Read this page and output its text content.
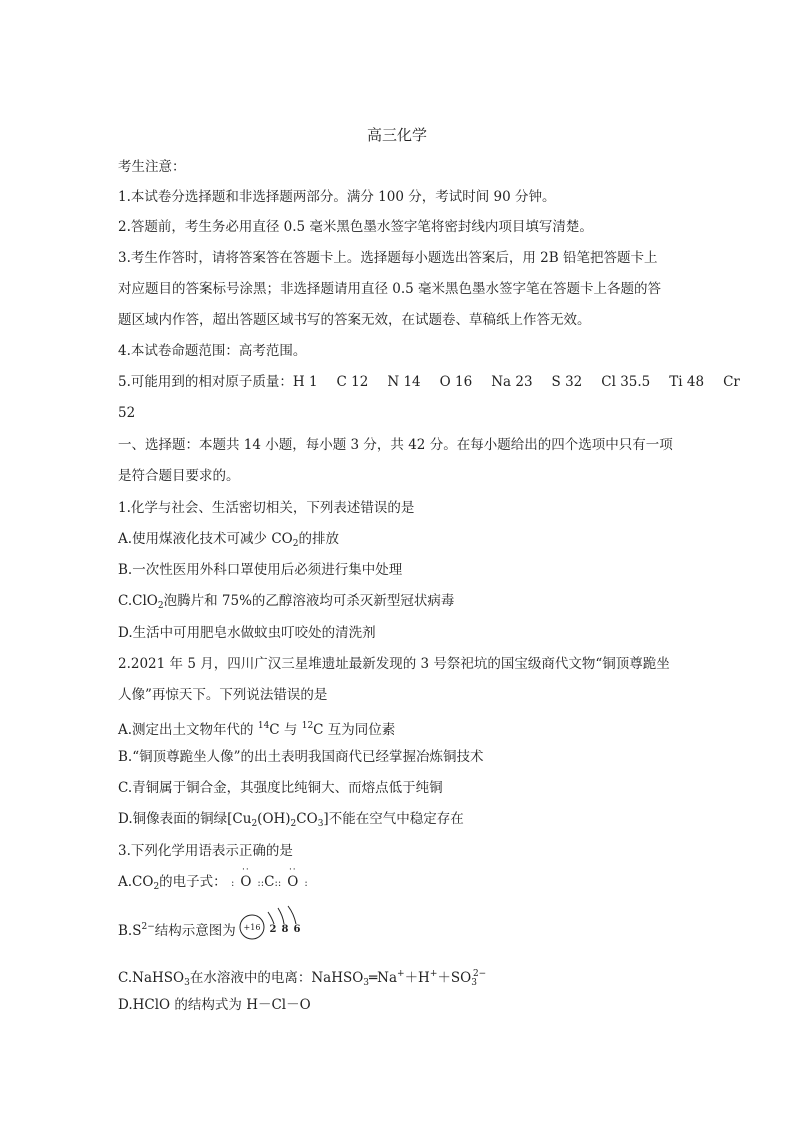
高三化学
考生注意：
1.本试卷分选择题和非选择题两部分。满分 100 分，考试时间 90 分钟。
2.答题前，考生务必用直径 0.5 毫米黑色墨水签字笔将密封线内项目填写清楚。
3.考生作答时，请将答案答在答题卡上。选择题每小题选出答案后，用 2B 铅笔把答题卡上
对应题目的答案标号涂黑；非选择题请用直径 0.5 毫米黑色墨水签字笔在答题卡上各题的答
题区域内作答，超出答题区域书写的答案无效，在试题卷、草稿纸上作答无效。
4.本试卷命题范围：高考范围。
5.可能用到的相对原子质量：H 1 C 12 N 14 O 16 Na 23 S 32 Cl 35.5 Ti 48 Cr
52
一、选择题：本题共 14 小题，每小题 3 分，共 42 分。在每小题给出的四个选项中只有一项
是符合题目要求的。
1.化学与社会、生活密切相关，下列表述错误的是
A.使用煤液化技术可减少 $CO_2$的排放
B.一次性医用外科口罩使用后必须进行集中处理
C.ClO$_2$泡腾片和 75%的乙醇溶液均可杀灭新型冠状病毒
D.生活中可用肥皂水做蚊虫叮咬处的清洗剂
2.2021 年 5 月，四川广汉三星堆遗址最新发现的 3 号祭祀坑的国宝级商代文物“铜顶尊跪坐
人像”再惊天下。下列说法错误的是
A.测定出土文物年代的 $^{14}$C 与 $^{12}$C 互为同位素
B.“铜顶尊跪坐人像”的出土表明我国商代已经掌握冶炼铜技术
C.青铜属于铜合金，其强度比纯铜大、而熔点低于纯铜
D.铜像表面的铜绿$[Cu_2(OH)_2CO_3]$不能在空气中稳定存在
3.下列化学用语表示正确的是
$A.CO_2$的电子式： :
··
O ::C::
··
O :
$B.S^{2-}$结构示意图为 +16 2 8 6
C.NaHSO$_3$在水溶液中的电离：$NaHSO_3═Na^++H^++SO_3^{2-}$
D.HClO 的结构式为 H－Cl－O
